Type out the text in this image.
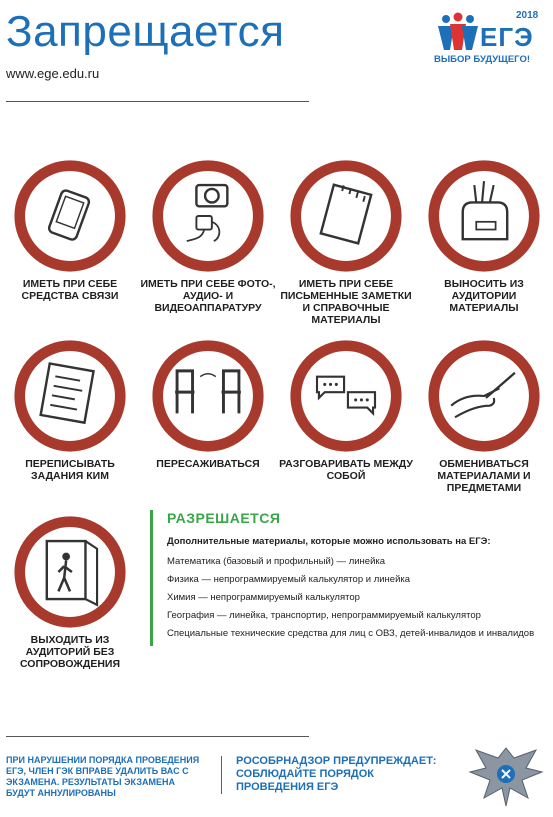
Запрещается
www.ege.edu.ru
2018
ЕГЭ
ВЫБОР БУДУЩЕГО!
ИМЕТЬ ПРИ СЕБЕ СРЕДСТВА СВЯЗИ
ИМЕТЬ ПРИ СЕБЕ ФОТО-, АУДИО- И ВИДЕОАППАРАТУРУ
ИМЕТЬ ПРИ СЕБЕ ПИСЬМЕННЫЕ ЗАМЕТКИ И СПРАВОЧНЫЕ МАТЕРИАЛЫ
ВЫНОСИТЬ ИЗ АУДИТОРИИ МАТЕРИАЛЫ
ПЕРЕПИСЫВАТЬ ЗАДАНИЯ КИМ
ПЕРЕСАЖИВАТЬСЯ	РАЗГОВАРИВАТЬ МЕЖДУ СОБОЙ
ОБМЕНИВАТЬСЯ МАТЕРИАЛАМИ И ПРЕДМЕТАМИ
ВЫХОДИТЬ ИЗ АУДИТОРИЙ БЕЗ СОПРОВОЖДЕНИЯ
РАЗРЕШАЕТСЯ
Дополнительные материалы, которые можно использовать на ЕГЭ:
Математика (базовый и профильный) — линейка
Физика — непрограммируемый калькулятор и линейка
Химия — непрограммируемый калькулятор
География — линейка, транспортир, непрограммируемый калькулятор
Специальные технические средства для лиц с ОВЗ, детей-инвалидов и инвалидов
ПРИ НАРУШЕНИИ ПОРЯДКА ПРОВЕДЕНИЯ ЕГЭ, ЧЛЕН ГЭК ВПРАВЕ УДАЛИТЬ ВАС С ЭКЗАМЕНА. РЕЗУЛЬТАТЫ ЭКЗАМЕНА БУДУТ АННУЛИРОВАНЫ
РОСОБРНАДЗОР ПРЕДУПРЕЖДАЕТ: СОБЛЮДАЙТЕ ПОРЯДОК ПРОВЕДЕНИЯ ЕГЭ
